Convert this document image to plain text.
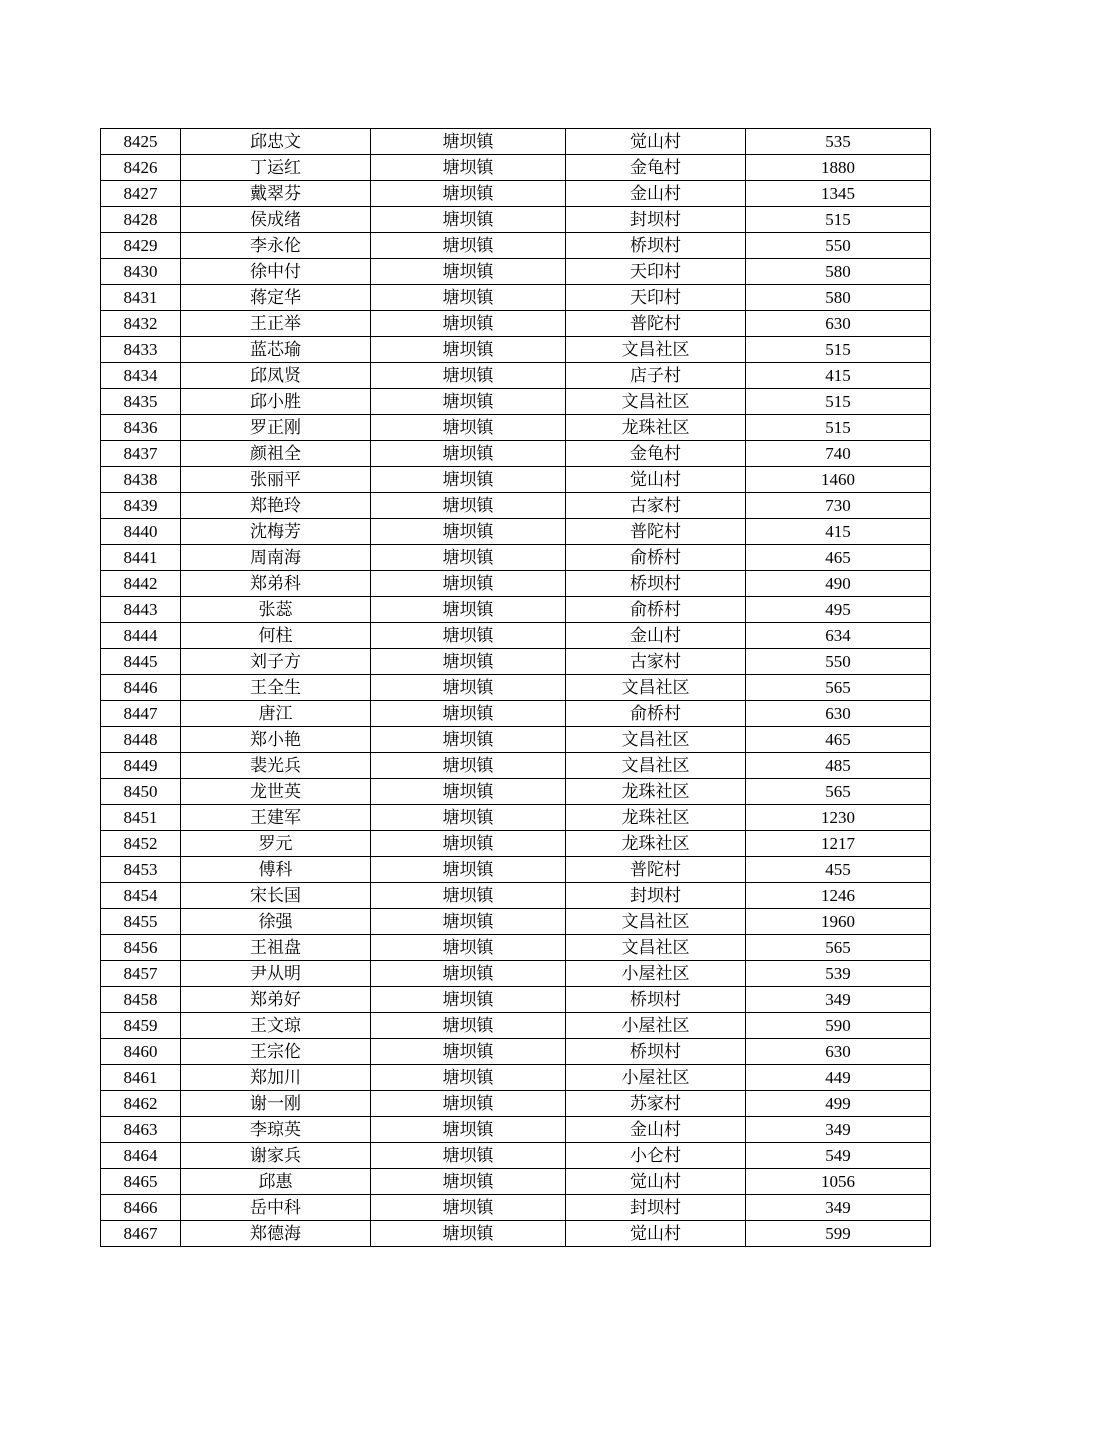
8425	邱忠文	塘坝镇	觉山村	535
8426	丁运红	塘坝镇	金龟村	1880
8427	戴翠芬	塘坝镇	金山村	1345
8428	侯成绪	塘坝镇	封坝村	515
8429	李永伦	塘坝镇	桥坝村	550
8430	徐中付	塘坝镇	天印村	580
8431	蒋定华	塘坝镇	天印村	580
8432	王正举	塘坝镇	普陀村	630
8433	蓝芯瑜	塘坝镇	文昌社区	515
8434	邱凤贤	塘坝镇	店子村	415
8435	邱小胜	塘坝镇	文昌社区	515
8436	罗正刚	塘坝镇	龙珠社区	515
8437	颜祖全	塘坝镇	金龟村	740
8438	张丽平	塘坝镇	觉山村	1460
8439	郑艳玲	塘坝镇	古家村	730
8440	沈梅芳	塘坝镇	普陀村	415
8441	周南海	塘坝镇	俞桥村	465
8442	郑弟科	塘坝镇	桥坝村	490
8443	张蕊	塘坝镇	俞桥村	495
8444	何柱	塘坝镇	金山村	634
8445	刘子方	塘坝镇	古家村	550
8446	王全生	塘坝镇	文昌社区	565
8447	唐江	塘坝镇	俞桥村	630
8448	郑小艳	塘坝镇	文昌社区	465
8449	裴光兵	塘坝镇	文昌社区	485
8450	龙世英	塘坝镇	龙珠社区	565
8451	王建军	塘坝镇	龙珠社区	1230
8452	罗元	塘坝镇	龙珠社区	1217
8453	傅科	塘坝镇	普陀村	455
8454	宋长国	塘坝镇	封坝村	1246
8455	徐强	塘坝镇	文昌社区	1960
8456	王祖盘	塘坝镇	文昌社区	565
8457	尹从明	塘坝镇	小屋社区	539
8458	郑弟好	塘坝镇	桥坝村	349
8459	王文琼	塘坝镇	小屋社区	590
8460	王宗伦	塘坝镇	桥坝村	630
8461	郑加川	塘坝镇	小屋社区	449
8462	谢一刚	塘坝镇	苏家村	499
8463	李琼英	塘坝镇	金山村	349
8464	谢家兵	塘坝镇	小仑村	549
8465	邱惠	塘坝镇	觉山村	1056
8466	岳中科	塘坝镇	封坝村	349
8467	郑德海	塘坝镇	觉山村	599
